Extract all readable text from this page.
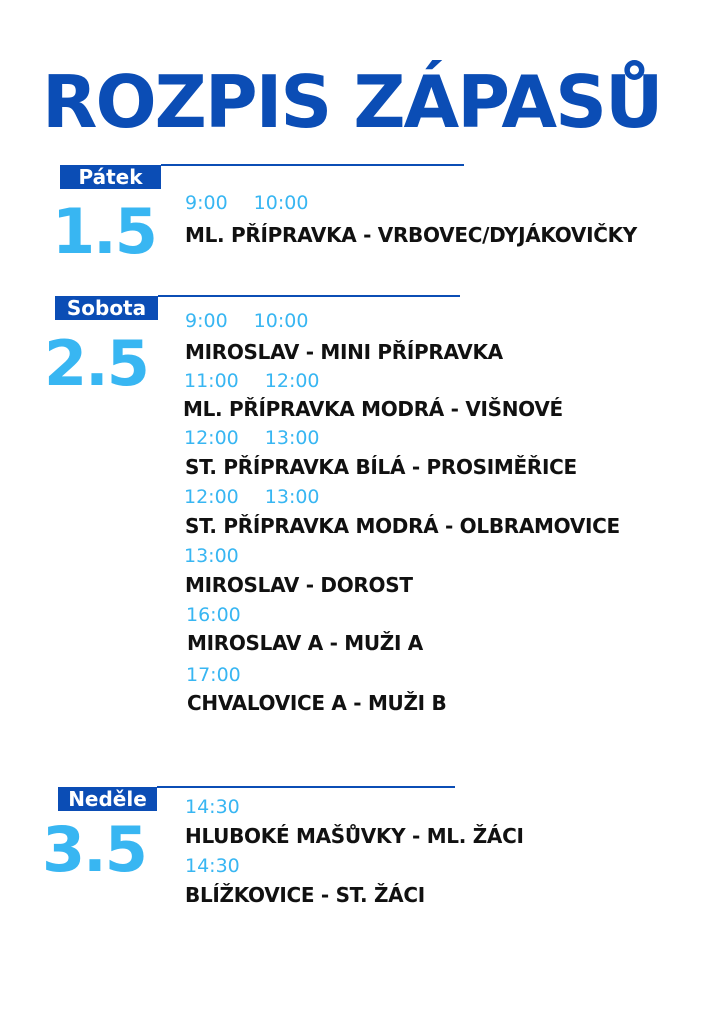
ROZPIS ZÁPASŮ
Pátek
1.5 9:00 10:00
ML. PŘÍPRAVKA - VRBOVEC/DYJÁKOVIČKY
Sobota
2.5
9:00 10:00
MIROSLAV - MINI PŘÍPRAVKA
11:00 12:00
ML. PŘÍPRAVKA MODRÁ - VIŠNOVÉ
12:00 13:00
ST. PŘÍPRAVKA BÍLÁ - PROSIMĚŘICE
12:00 13:00
ST. PŘÍPRAVKA MODRÁ - OLBRAMOVICE
13:00
MIROSLAV - DOROST
16:00
MIROSLAV A - MUŽI A
17:00
CHVALOVICE A - MUŽI B
Neděle
3.5
14:30
HLUBOKÉ MAŠŮVKY - ML. ŽÁCI
14:30
BLÍŽKOVICE - ST. ŽÁCI
